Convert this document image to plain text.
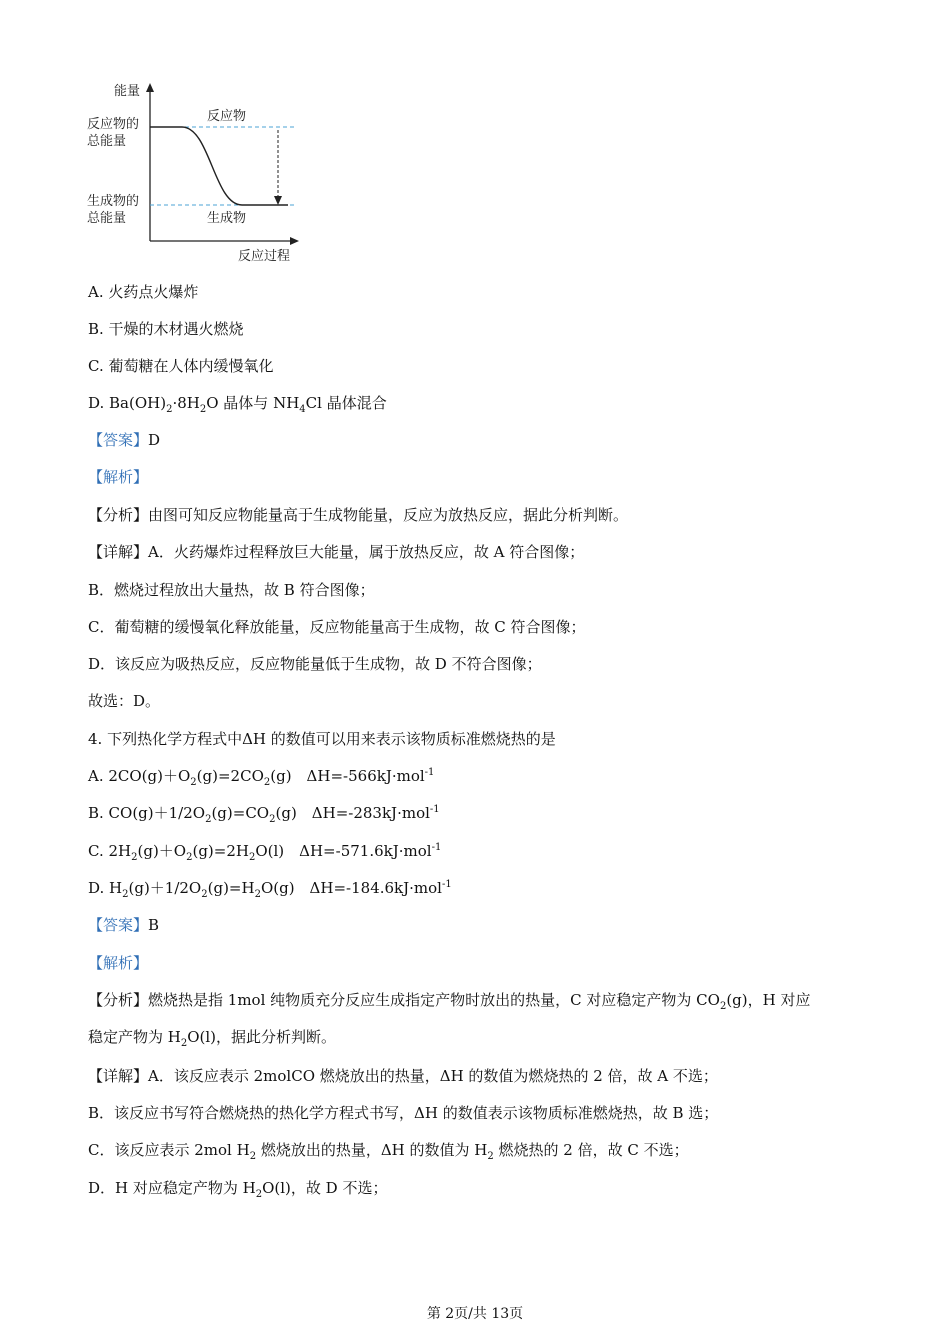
能量
反应物的
总能量
生成物的
总能量
反应物
生成物
反应过程
A. 火药点火爆炸
B. 干燥的木材遇火燃烧
C. 葡萄糖在人体内缓慢氧化
D. $Ba(OH)_2\cdot 8H_2O$ 晶体与 $NH_4Cl$ 晶体混合
【答案】D
【解析】
【分析】由图可知反应物能量高于生成物能量，反应为放热反应，据此分析判断。
【详解】A．火药爆炸过程释放巨大能量，属于放热反应，故 A 符合图像；
B．燃烧过程放出大量热，故 B 符合图像；
C．葡萄糖的缓慢氧化释放能量，反应物能量高于生成物，故 C 符合图像；
D．该反应为吸热反应，反应物能量低于生成物，故 D 不符合图像；
故选：D。
4. 下列热化学方程式中ΔH 的数值可以用来表示该物质标准燃烧热的是
A. $2CO(g)+O_2(g)=2CO_2(g)$　ΔH=-566kJ·mol$^{-1}$
B. $CO(g)+1/2O_2(g)=CO_2(g)$　ΔH=-283kJ·mol$^{-1}$
C. $2H_2(g)+O_2(g)=2H_2O(l)$　ΔH=-571.6kJ·mol$^{-1}$
D. $H_2(g)+1/2O_2(g)=H_2O(g)$　ΔH=-184.6kJ·mol$^{-1}$
【答案】B
【解析】
【分析】燃烧热是指 1mol 纯物质充分反应生成指定产物时放出的热量，C 对应稳定产物为 $CO_2(g)$，H 对应
稳定产物为 $H_2O(l)$，据此分析判断。
【详解】A．该反应表示 2molCO 燃烧放出的热量，ΔH 的数值为燃烧热的 2 倍，故 A 不选；
B．该反应书写符合燃烧热的热化学方程式书写，ΔH 的数值表示该物质标准燃烧热，故 B 选；
C．该反应表示 2mol $H_2$ 燃烧放出的热量，ΔH 的数值为 $H_2$ 燃烧热的 2 倍，故 C 不选；
D．H 对应稳定产物为 $H_2O(l)$，故 D 不选；
第 2页/共 13页
